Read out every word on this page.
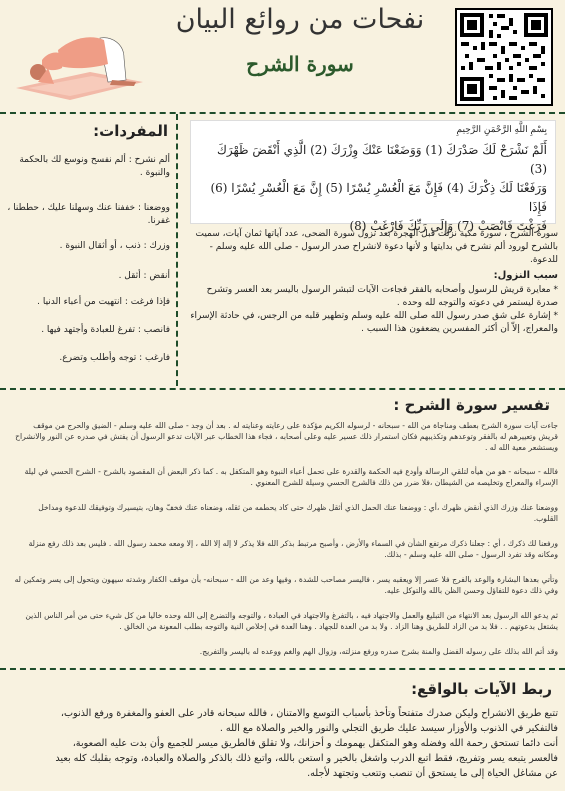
نفحات من روائع البيان
سورة الشرح
المفردات:
ألم نشرح : ألم نفسح ونوسع لك بالحكمة والنبوة .
ووضعنا : خففنا عنك وسهلنا عليك ، حططنا ، غفرنا.
وزرك : ذنب ، أو أثقال النبوة .
أنقض : أثقل .
فإذا فرغت : انتهيت من أعباء الدنيا .
فانصب : تفرغ للعبادة وأجتهد فيها .
فارغب : توجه وأطلب وتضرع.
بِسْمِ اللَّهِ الرَّحْمَنِ الرَّحِيمِ
أَلَمْ نَشْرَحْ لَكَ صَدْرَكَ (1) وَوَضَعْنَا عَنْكَ وِزْرَكَ (2) الَّذِي أَنْقَضَ ظَهْرَكَ (3)
وَرَفَعْنَا لَكَ ذِكْرَكَ (4) فَإِنَّ مَعَ الْعُسْرِ يُسْرًا (5) إِنَّ مَعَ الْعُسْرِ يُسْرًا (6) فَإِذَا
فَرَغْتَ فَانْصَبْ (7) وَإِلَى رَبِّكَ فَارْغَبْ (8)
سورة الشرح ، سورة مكية نزلت قبل الهجرة بعد نزول سورة الضحى، عدد آياتها ثمان آيات، سميت بالشرح لورود ألم نشرح في بدايتها و لأنها دعوة لانشراح صدر الرسول - صلى الله عليه وسلم - للدعوة.
سبب النزول:
* معايرة قريش للرسول وأصحابه بالفقر فجاءت الآيات لتبشر الرسول باليسر بعد العسر وتشرح صدرة ليستمر في دعوته والتوجه لله وحده .
* إشارة على شق صدر رسول الله صلى الله عليه وسلم وتطهير قلبه من الرجس، في حادثة الإسراء والمعراج، إلاّ أن أكثر المفسرين يضعفون هذا السبب .
تفسير سورة الشرح :
جاءت آيات سورة الشرح بعطف ومناجاة من الله - سبحانه - لرسوله الكريم مؤكدة على رعايته وعنايته له . بعد أن وجد - صلى الله عليه وسلم - الضيق والحرج من موقف قريش وتعييرهم له بالفقر وتوعدهم وتكذيبهم فكان استمرار ذلك عسير عليه وعلى أصحابه ، فجاء هذا الخطاب عبر الآيات تدعو الرسول أن يفتش في صدره عن النور والانشراح ويستشعر معية الله له .
فالله - سبحانه - هو من هيأه لتلقي الرسالة وأودع فيه الحكمة والقدرة على تحمل أعباء النبوة وهو المتكفل به . كما ذكر البعض أن المقصود بالشرح - الشرح الحسي في ليلة الإسراء والمعراج وتخليصه من الشيطان ،فلا ضرر من ذلك فالشرح الحسي وسيلة للشرح المعنوي .
ووضعنا عنك وزرك الذي أنقض ظهرك ،أي : ووضعنا عنك الحمل الذي أثقل ظهرك حتى كاد يحطمه من ثقله، وضعناه عنك فخفّ وهان، بتيسيرك وتوفيقك للدعوة ومداخل القلوب.
ورفعنا لك ذكرك ، أي : جعلنا ذكرك مرتفع الشأن في السماء والأرض ، وأصبح مرتبط بذكر الله فلا يذكر لا إله إلا الله ، إلا ومعه محمد رسول الله . فليس بعد ذلك رفع منزلة ومكانه وقد تفرد الرسول - صلى الله عليه وسلم - بذلك.
وتأتي بعدها البشارة والوعد بالفرج فلا عسر إلا ويعقبه يسر ، فاليسر مصاحب للشدة ، وفيها وعد من الله - سبحانه- بأن موقف الكفار وشدته سيهون ويتحول إلى يسر وتمكين له وفي ذلك دعوة للتفاؤل وحسن الظن بالله والتوكل عليه.
ثم يدعو الله الرسول بعد الانتهاء من التبليغ والعمل والاجتهاد فيه ، بالتفرغ والاجتهاد في العبادة ، والتوجه والتضرع إلى الله وحده خاليا من كل شيء حتى من أمر الناس الذين يشتغل بدعوتهم . . فلا بد من الزاد للطريق وهنا الزاد . ولا بد من العدة للجهاد . وهنا العدة في إخلاص النية والتوجه بطلب المعونة من الخالق .
وقد أتم الله بذلك على رسوله الفضل والمنة بشرح صدره ورفع منزلته، وزوال الهم والغم ووعده له باليسر والتفريج.
ربط الآيات بالواقع:
تتبع طريق الانشراح وليكن صدرك متفتحاً وتأخذ بأسباب التوسع والامتنان ، فالله سبحانه قادر على العفو والمغفرة ورفع الذنوب،
فالتفكير في الذنوب والأوزار سيسد عليك طريق التجلي والنور والخير والصلاة مع الله .
أنت دائما تستحق رحمة الله وفضله وهو المتكفل بهمومك و أحزانك، ولا تقلق فالطريق ميسر للجميع وأن بدت عليه الصعوبة،
فالعسر يتبعه يسر وتفريج، فقط اتبع الدرب واشغل بالخير و استعن بالله، واتبع ذلك بالذكر والصلاة والعبادة، وتوجه بقلبك كله بعيد
عن مشاغل الحياة إلى ما يستحق أن تنصب وتتعب وتجتهد لأجله.
